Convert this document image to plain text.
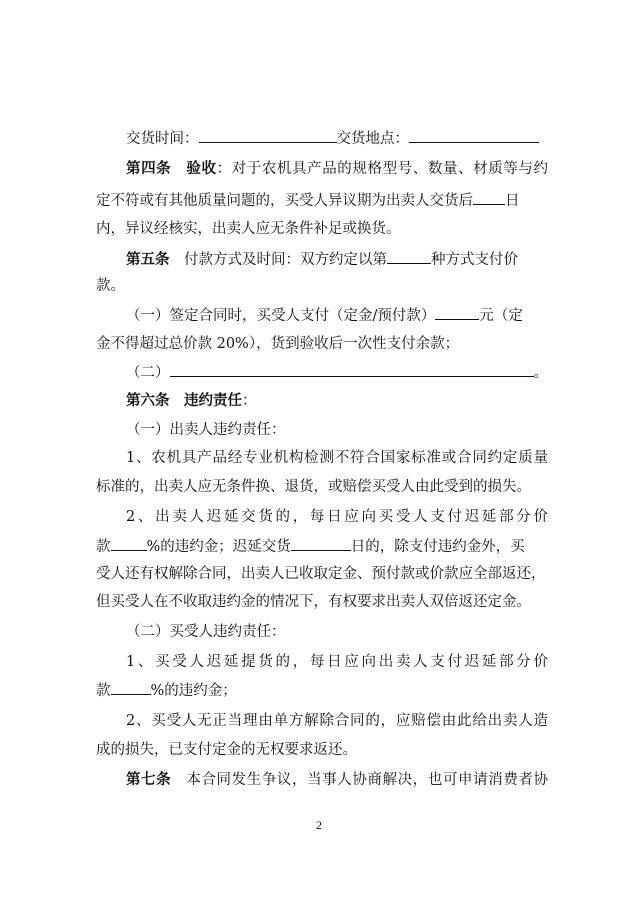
交货时间：	交货地点：
第四条　验收：对于农机具产品的规格型号、数量、材质等与约
定不符或有其他质量问题的，买受人异议期为出卖人交货后 日
内，异议经核实，出卖人应无条件补足或换货。
第五条　付款方式及时间：双方约定以第	种方式支付价
款。
（一）签定合同时，买受人支付（定金/预付款）	元（定
金不得超过总价款 20%），货到验收后一次性支付余款；
（二）	。
第六条　违约责任：
（一）出卖人违约责任：
1、农机具产品经专业机构检测不符合国家标准或合同约定质量
标准的，出卖人应无条件换、退货，或赔偿买受人由此受到的损失。
2、出卖人迟延交货的，每日应向买受人支付迟延部分价
款 %的违约金；迟延交货	日的，除支付违约金外，买
受人还有权解除合同，出卖人已收取定金、预付款或价款应全部返还，
但买受人在不收取违约金的情况下，有权要求出卖人双倍返还定金。
（二）买受人违约责任：
1、买受人迟延提货的，每日应向出卖人支付迟延部分价
款	%的违约金；
2、买受人无正当理由单方解除合同的，应赔偿由此给出卖人造
成的损失，已支付定金的无权要求返还。
第七条　本合同发生争议，当事人协商解决，也可申请消费者协
2
